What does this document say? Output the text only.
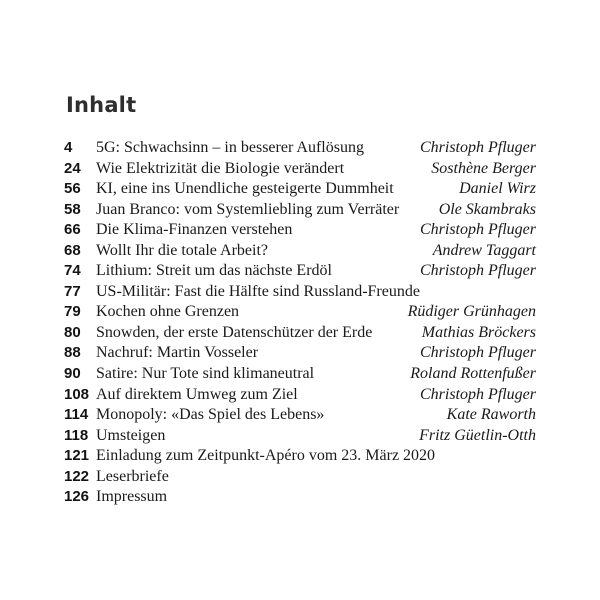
Inhalt
4	5G: Schwachsinn – in besserer Auflösung	Christoph Pfluger
24 Wie Elektrizität die Biologie verändert	Sosthène Berger
56 KI, eine ins Unendliche gesteigerte Dummheit	Daniel Wirz
58 Juan Branco: vom Systemliebling zum Verräter	Ole Skambraks
66 Die Klima-Finanzen verstehen	Christoph Pfluger
68 Wollt Ihr die totale Arbeit?	Andrew Taggart
74 Lithium: Streit um das nächste Erdöl	Christoph Pfluger
77 US-Militär: Fast die Hälfte sind Russland-Freunde
79 Kochen ohne Grenzen	Rüdiger Grünhagen
80 Snowden, der erste Datenschützer der Erde	Mathias Bröckers
88 Nachruf: Martin Vosseler	Christoph Pfluger
90 Satire: Nur Tote sind klimaneutral	Roland Rottenfußer
108 Auf direktem Umweg zum Ziel	Christoph Pfluger
114 Monopoly: «Das Spiel des Lebens»	Kate Raworth
118 Umsteigen	Fritz Güetlin-Otth
121 Einladung zum Zeitpunkt-Apéro vom 23. März 2020
122 Leserbriefe
126 Impressum
